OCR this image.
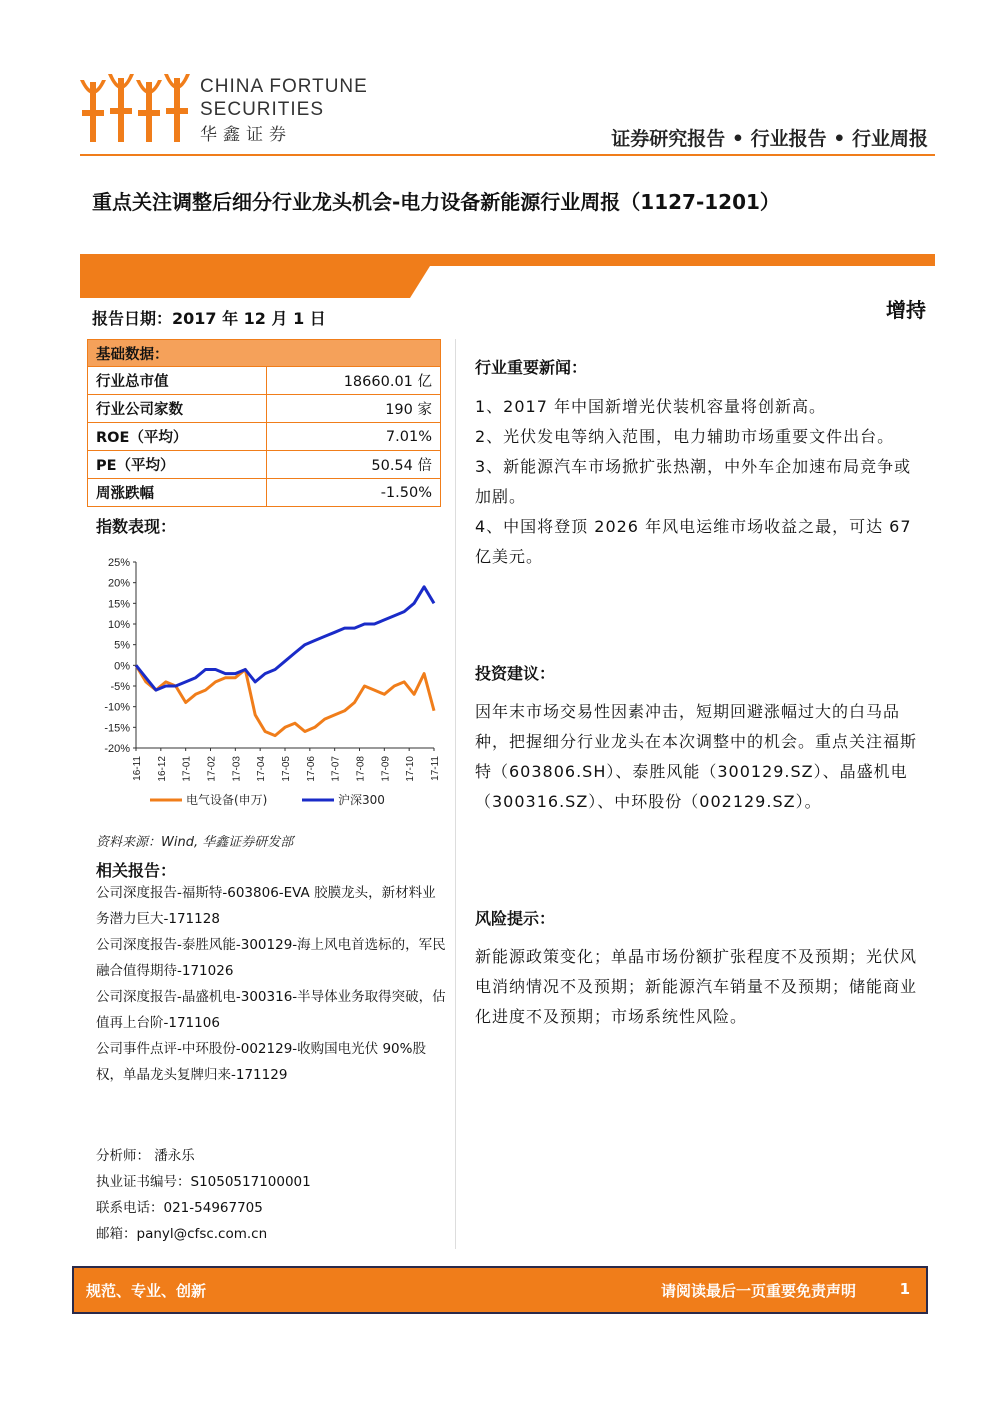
CHINA FORTUNE
SECURITIES
华鑫证券	证券研究报告 • 行业报告 • 行业周报
重点关注调整后细分行业龙头机会-电力设备新能源行业周报（1127-1201）
增持
报告日期：2017 年 12 月 1 日
基础数据：	
行业总市值	18660.01 亿
行业公司家数	190 家
ROE（平均）	7.01%
PE（平均）	50.54 倍
周涨跌幅	-1.50%
指数表现：
25%
20%
15%
10%
5%
0%
-5%
-10%
-15%
-20%
16-11 16-12 17-01 17-02 17-03 17-04 17-05 17-06 17-07 17-08 17-09 17-10 17-11
电气设备(申万)	沪深300
资料来源：Wind, 华鑫证券研发部
相关报告：
公司深度报告-福斯特-603806-EVA 胶膜龙头，新材料业务潜力巨大-171128
公司深度报告-泰胜风能-300129-海上风电首选标的，军民融合值得期待-171026
公司深度报告-晶盛机电-300316-半导体业务取得突破，估值再上台阶-171106
公司事件点评-中环股份-002129-收购国电光伏 90%股权，单晶龙头复牌归来-171129
分析师： 潘永乐
执业证书编号：S1050517100001
联系电话：021-54967705
邮箱：panyl@cfsc.com.cn
行业重要新闻：

1、2017 年中国新增光伏装机容量将创新高。

2、光伏发电等纳入范围，电力辅助市场重要文件出台。

3、新能源汽车市场掀扩张热潮，中外车企加速布局竞争或加剧。

4、中国将登顶 2026 年风电运维市场收益之最，可达 67 亿美元。

投资建议：

因年末市场交易性因素冲击，短期回避涨幅过大的白马品种，把握细分行业龙头在本次调整中的机会。重点关注福斯特（603806.SH）、泰胜风能（300129.SZ）、晶盛机电（300316.SZ）、中环股份（002129.SZ）。

风险提示：

新能源政策变化；单晶市场份额扩张程度不及预期；光伏风电消纳情况不及预期；新能源汽车销量不及预期；储能商业化进度不及预期；市场系统性风险。

规范、专业、创新	请阅读最后一页重要免责声明	1
